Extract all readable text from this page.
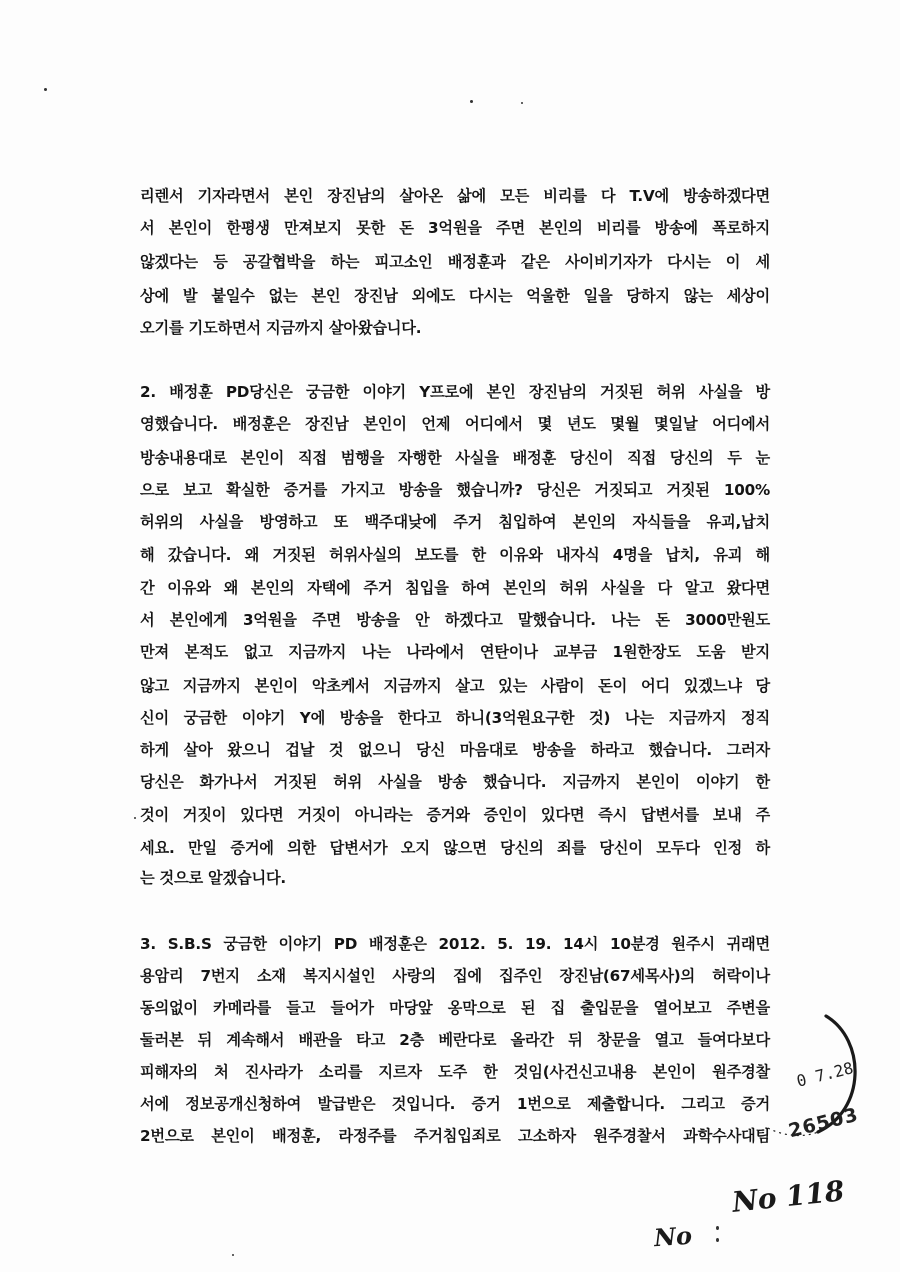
리렌서 기자라면서 본인 장진남의 살아온 삶에 모든 비리를 다 T.V에 방송하겠다면
서 본인이 한평생 만져보지 못한 돈 3억원을 주면 본인의 비리를 방송에 폭로하지
않겠다는 등 공갈협박을 하는 피고소인 배정훈과 같은 사이비기자가 다시는 이 세
상에 발 붙일수 없는 본인 장진남 외에도 다시는 억울한 일을 당하지 않는 세상이
오기를 기도하면서 지금까지 살아왔습니다.
2. 배정훈 PD당신은 궁금한 이야기 Y프로에 본인 장진남의 거짓된 허위 사실을 방
영했습니다. 배정훈은 장진남 본인이 언제 어디에서 몇 년도 몇월 몇일날 어디에서
방송내용대로 본인이 직접 범행을 자행한 사실을 배정훈 당신이 직접 당신의 두 눈
으로 보고 확실한 증거를 가지고 방송을 했습니까? 당신은 거짓되고 거짓된 100%
허위의 사실을 방영하고 또 백주대낮에 주거 침입하여 본인의 자식들을 유괴,납치
해 갔습니다. 왜 거짓된 허위사실의 보도를 한 이유와 내자식 4명을 납치, 유괴 해
간 이유와 왜 본인의 자택에 주거 침입을 하여 본인의 허위 사실을 다 알고 왔다면
서 본인에게 3억원을 주면 방송을 안 하겠다고 말했습니다. 나는 돈 3000만원도
만져 본적도 없고 지금까지 나는 나라에서 연탄이나 교부금 1원한장도 도움 받지
않고 지금까지 본인이 악초케서 지금까지 살고 있는 사람이 돈이 어디 있겠느냐 당
신이 궁금한 이야기 Y에 방송을 한다고 하니(3억원요구한 것) 나는 지금까지 정직
하게 살아 왔으니 겁날 것 없으니 당신 마음대로 방송을 하라고 했습니다. 그러자
당신은 화가나서 거짓된 허위 사실을 방송 했습니다. 지금까지 본인이 이야기 한
것이 거짓이 있다면 거짓이 아니라는 증거와 증인이 있다면 즉시 답변서를 보내 주
세요. 만일 증거에 의한 답변서가 오지 않으면 당신의 죄를 당신이 모두다 인정 하
는 것으로 알겠습니다.
3. S.B.S 궁금한 이야기 PD 배정훈은 2012. 5. 19. 14시 10분경 원주시 귀래면
용암리 7번지 소재 복지시설인 사랑의 집에 집주인 장진남(67세목사)의 허락이나
동의없이 카메라를 들고 들어가 마당앞 옹막으로 된 집 출입문을 열어보고 주변을
둘러본 뒤 계속해서 배관을 타고 2층 베란다로 올라간 뒤 창문을 열고 들여다보다
피해자의 처 진사라가 소리를 지르자 도주 한 것임(사건신고내용 본인이 원주경찰
서에 정보공개신청하여 발급받은 것입니다. 증거 1번으로 제출합니다. 그리고 증거
2번으로 본인이 배정훈, 라정주를 주거침입죄로 고소하자 원주경찰서 과학수사대팀
0 7.28
26503
No 118
No
